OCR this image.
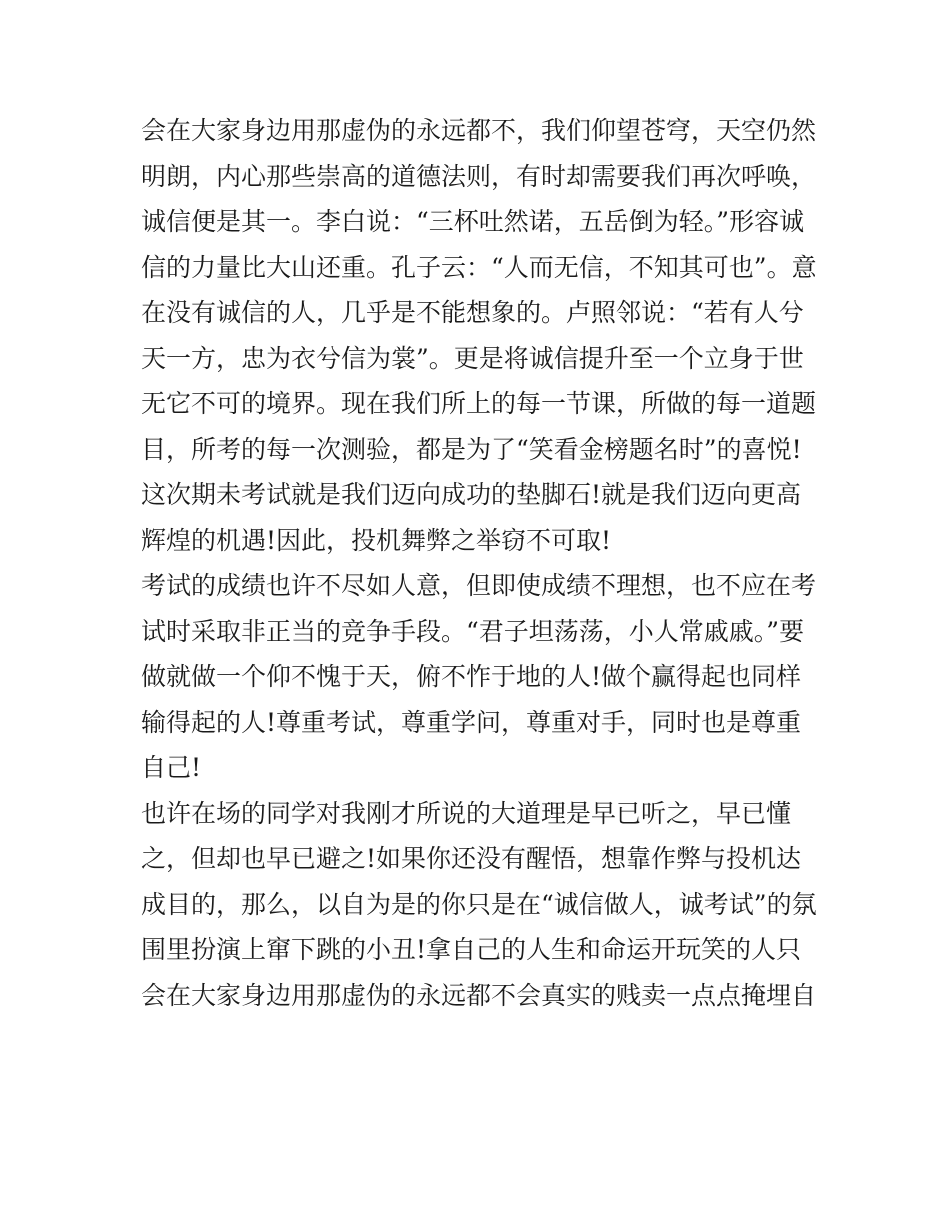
会在大家身边用那虚伪的永远都不，我们仰望苍穹，天空仍然
明朗，内心那些崇高的道德法则，有时却需要我们再次呼唤，
诚信便是其一。李白说：“三杯吐然诺，五岳倒为轻。”形容诚
信的力量比大山还重。孔子云：“人而无信，不知其可也”。意
在没有诚信的人，几乎是不能想象的。卢照邻说：“若有人兮
天一方，忠为衣兮信为裳”。更是将诚信提升至一个立身于世
无它不可的境界。现在我们所上的每一节课，所做的每一道题
目，所考的每一次测验，都是为了“笑看金榜题名时”的喜悦!
这次期未考试就是我们迈向成功的垫脚石!就是我们迈向更高
辉煌的机遇!因此，投机舞弊之举窃不可取!
考试的成绩也许不尽如人意，但即使成绩不理想，也不应在考
试时采取非正当的竞争手段。“君子坦荡荡，小人常戚戚。”要
做就做一个仰不愧于天，俯不怍于地的人!做个赢得起也同样
输得起的人!尊重考试，尊重学问，尊重对手，同时也是尊重
自己!
也许在场的同学对我刚才所说的大道理是早已听之，早已懂
之，但却也早已避之!如果你还没有醒悟，想靠作弊与投机达
成目的，那么，以自为是的你只是在“诚信做人，诚考试”的氛
围里扮演上窜下跳的小丑!拿自己的人生和命运开玩笑的人只
会在大家身边用那虚伪的永远都不会真实的贱卖一点点掩埋自
